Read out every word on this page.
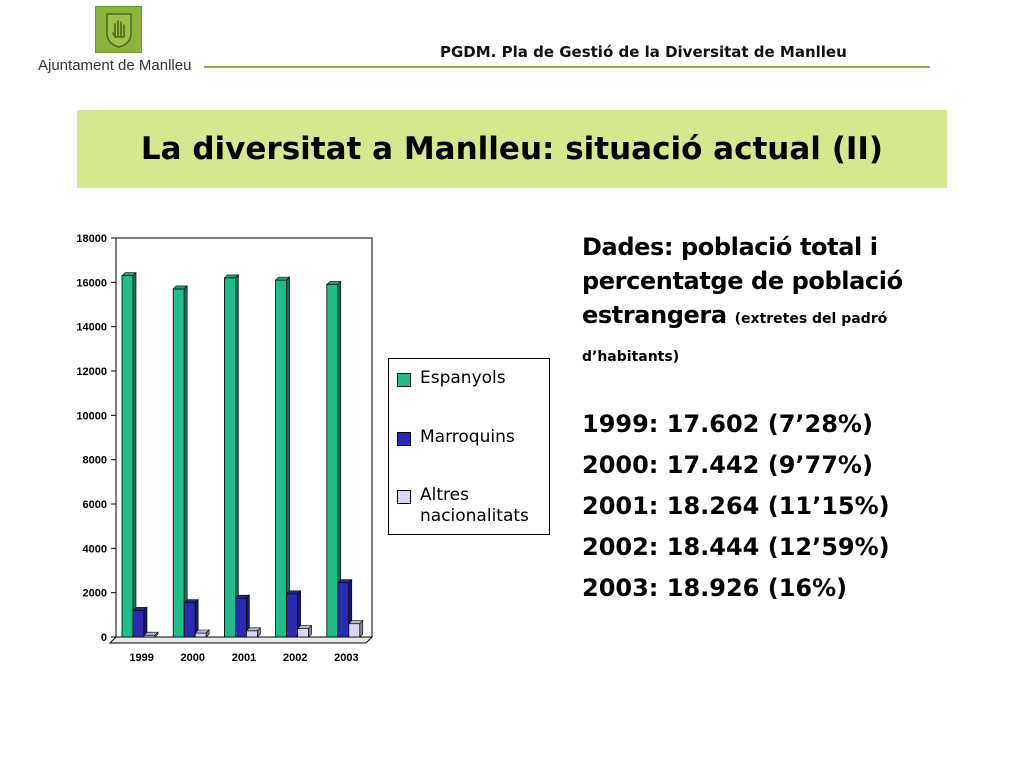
Ajuntament de Manlleu
PGDM. Pla de Gestió de la Diversitat de Manlleu
La diversitat a Manlleu: situació actual (II)
0
2000
4000
6000
8000
10000
12000
14000
16000
18000
1999 2000 2001 2002 2003
Espanyols
Marroquins
Altres nacionalitats
Dades: població total i percentatge de població estrangera (extretes del padró d’habitants)
1999: 17.602 (7’28%)
2000: 17.442 (9’77%)
2001: 18.264 (11’15%)
2002: 18.444 (12’59%)
2003: 18.926 (16%)
